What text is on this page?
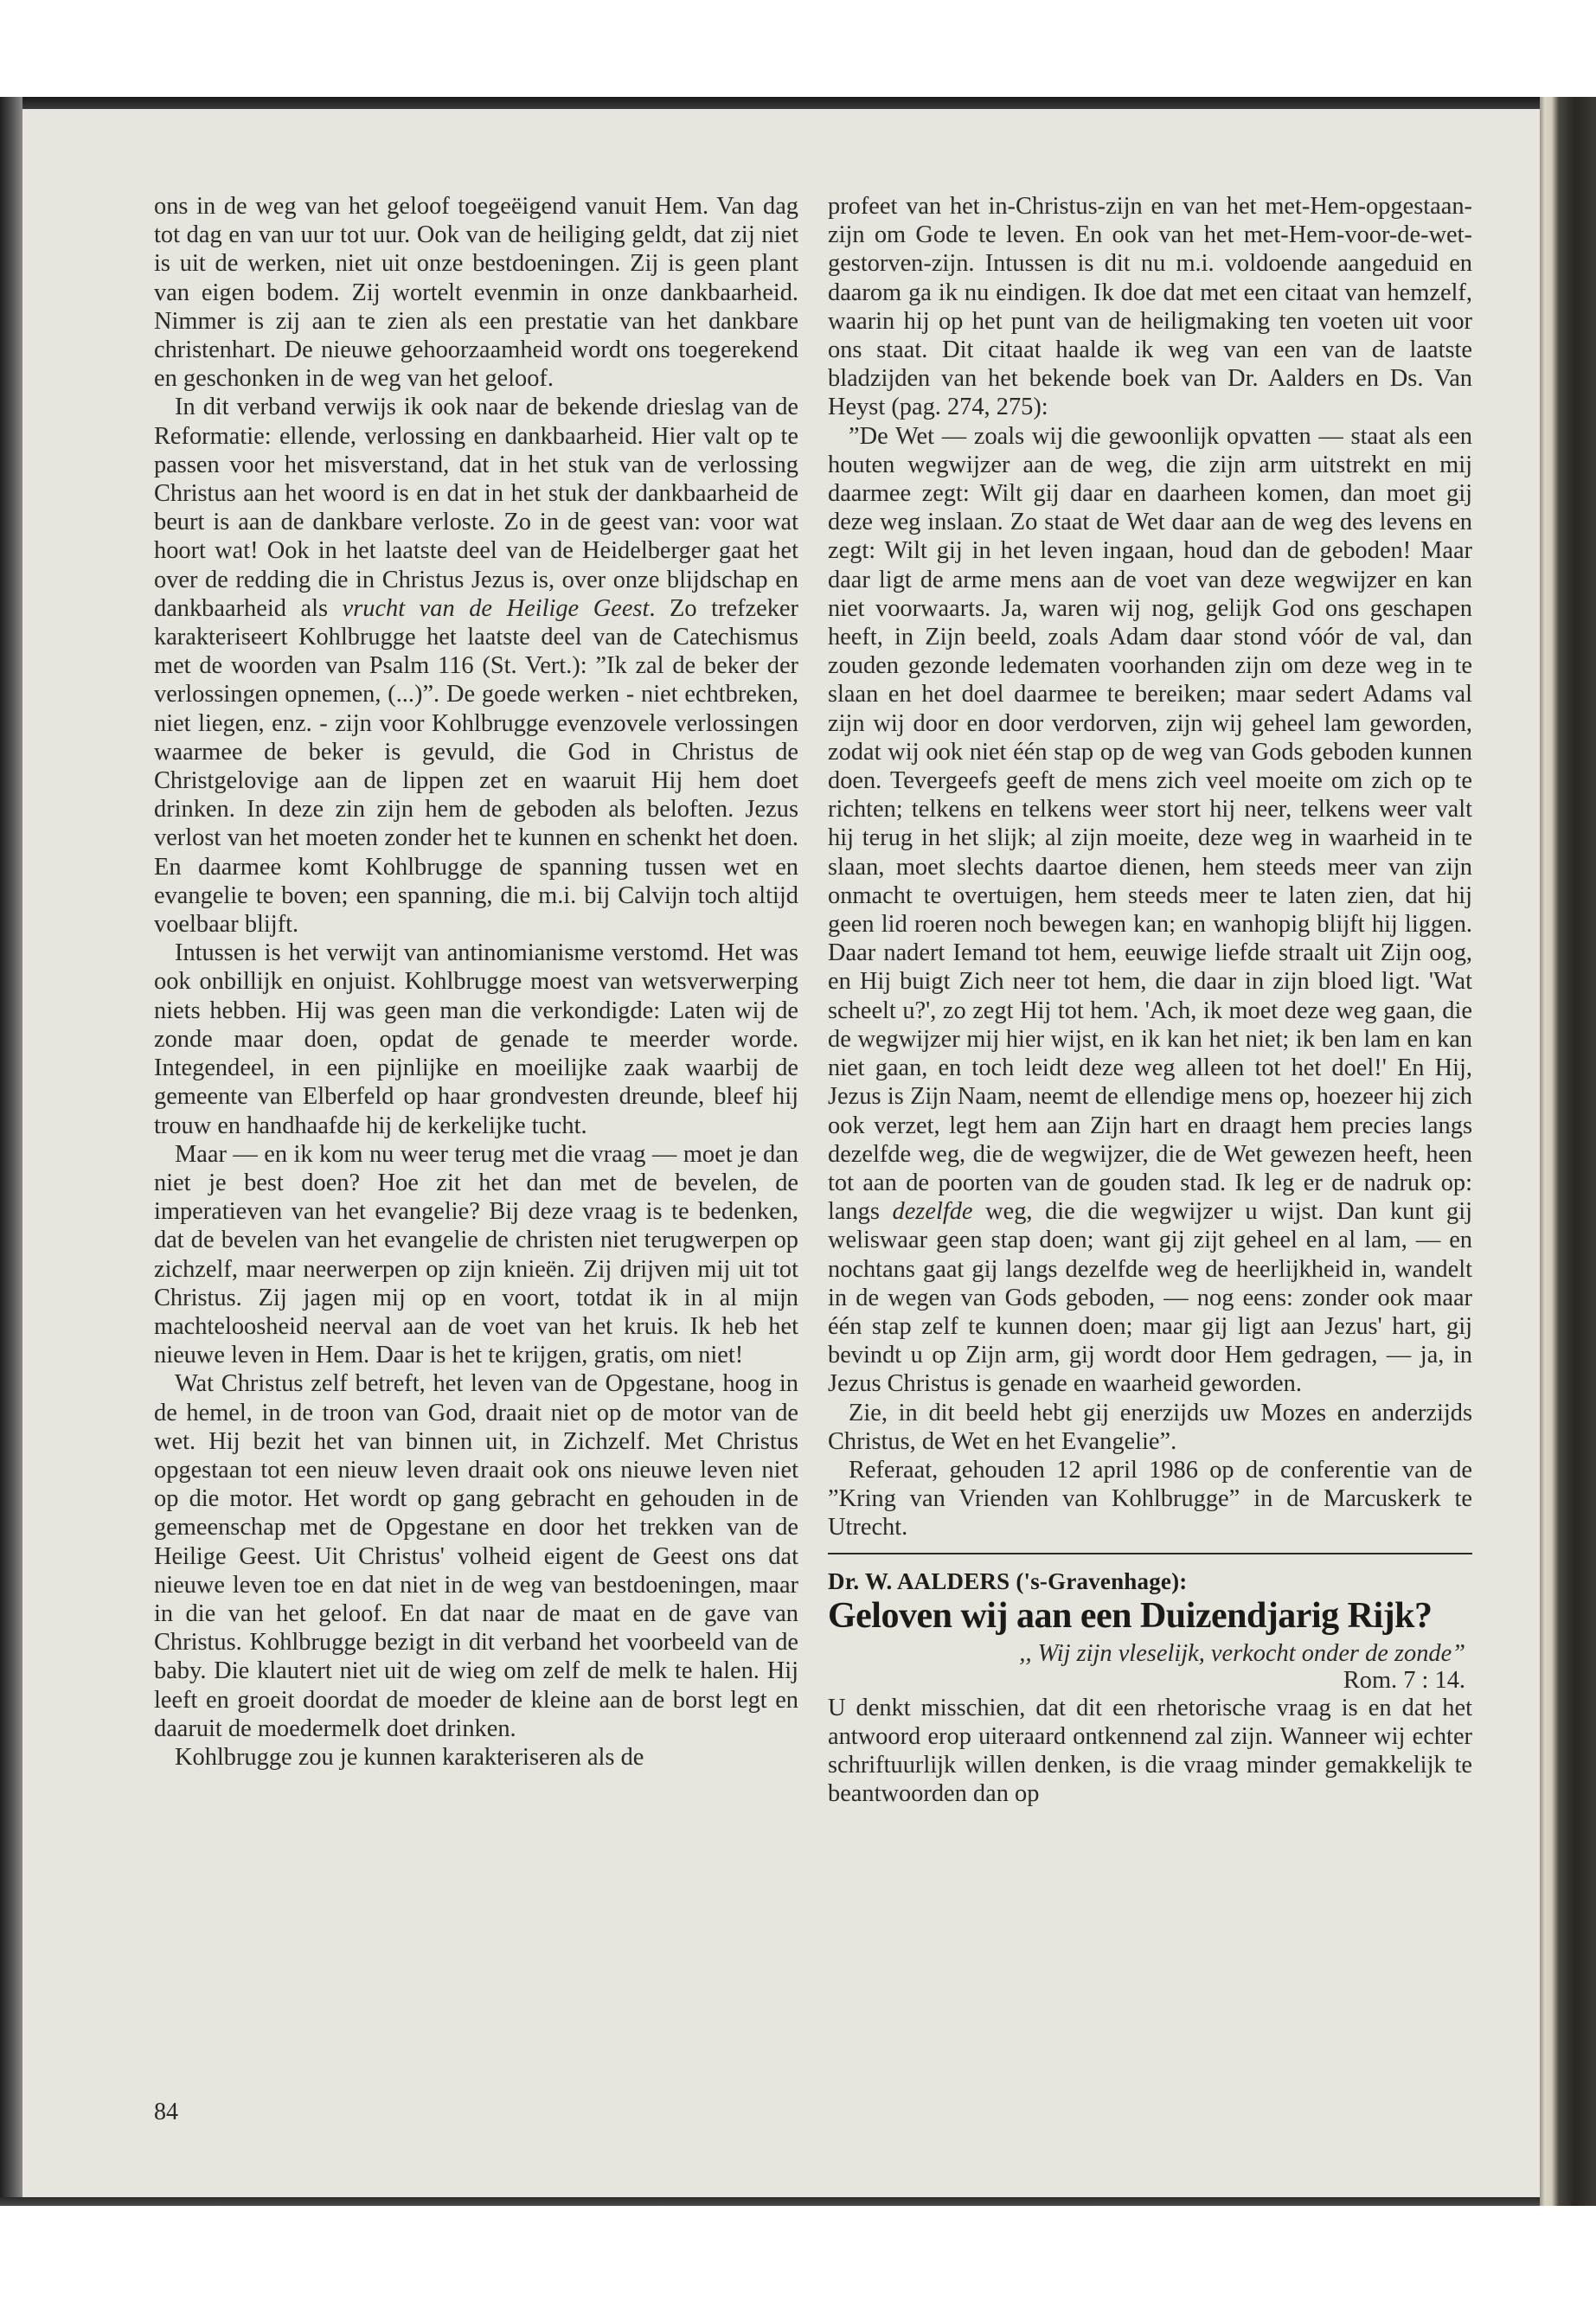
ons in de weg van het geloof toegeëigend vanuit Hem. Van dag tot dag en van uur tot uur. Ook van de heiliging geldt, dat zij niet is uit de werken, niet uit onze bestdoeningen. Zij is geen plant van eigen bodem. Zij wortelt evenmin in onze dankbaarheid. Nimmer is zij aan te zien als een prestatie van het dankbare christenhart. De nieuwe gehoorzaamheid wordt ons toegerekend en geschonken in de weg van het geloof.

In dit verband verwijs ik ook naar de bekende drieslag van de Reformatie: ellende, verlossing en dankbaarheid. Hier valt op te passen voor het misverstand, dat in het stuk van de verlossing Christus aan het woord is en dat in het stuk der dankbaarheid de beurt is aan de dankbare verloste. Zo in de geest van: voor wat hoort wat! Ook in het laatste deel van de Heidelberger gaat het over de redding die in Christus Jezus is, over onze blijdschap en dankbaarheid als vrucht van de Heilige Geest. Zo trefzeker karakteriseert Kohlbrugge het laatste deel van de Catechismus met de woorden van Psalm 116 (St. Vert.): ”Ik zal de beker der verlossingen opnemen, (...)”. De goede werken - niet echtbreken, niet liegen, enz. - zijn voor Kohlbrugge evenzovele verlossingen waarmee de beker is gevuld, die God in Christus de Christgelovige aan de lippen zet en waaruit Hij hem doet drinken. In deze zin zijn hem de geboden als beloften. Jezus verlost van het moeten zonder het te kunnen en schenkt het doen. En daarmee komt Kohlbrugge de spanning tussen wet en evangelie te boven; een spanning, die m.i. bij Calvijn toch altijd voelbaar blijft.

Intussen is het verwijt van antinomianisme verstomd. Het was ook onbillijk en onjuist. Kohlbrugge moest van wetsverwerping niets hebben. Hij was geen man die verkondigde: Laten wij de zonde maar doen, opdat de genade te meerder worde. Integendeel, in een pijnlijke en moeilijke zaak waarbij de gemeente van Elberfeld op haar grondvesten dreunde, bleef hij trouw en handhaafde hij de kerkelijke tucht.

Maar — en ik kom nu weer terug met die vraag — moet je dan niet je best doen? Hoe zit het dan met de bevelen, de imperatieven van het evangelie? Bij deze vraag is te bedenken, dat de bevelen van het evangelie de christen niet terugwerpen op zichzelf, maar neerwerpen op zijn knieën. Zij drijven mij uit tot Christus. Zij jagen mij op en voort, totdat ik in al mijn machteloosheid neerval aan de voet van het kruis. Ik heb het nieuwe leven in Hem. Daar is het te krijgen, gratis, om niet!

Wat Christus zelf betreft, het leven van de Opgestane, hoog in de hemel, in de troon van God, draait niet op de motor van de wet. Hij bezit het van binnen uit, in Zichzelf. Met Christus opgestaan tot een nieuw leven draait ook ons nieuwe leven niet op die motor. Het wordt op gang gebracht en gehouden in de gemeenschap met de Opgestane en door het trekken van de Heilige Geest. Uit Christus' volheid eigent de Geest ons dat nieuwe leven toe en dat niet in de weg van bestdoeningen, maar in die van het geloof. En dat naar de maat en de gave van Christus. Kohlbrugge bezigt in dit verband het voorbeeld van de baby. Die klautert niet uit de wieg om zelf de melk te halen. Hij leeft en groeit doordat de moeder de kleine aan de borst legt en daaruit de moedermelk doet drinken.

Kohlbrugge zou je kunnen karakteriseren als de

profeet van het in-Christus-zijn en van het met-Hem-opgestaan-zijn om Gode te leven. En ook van het met-Hem-voor-de-wet-gestorven-zijn. Intussen is dit nu m.i. voldoende aangeduid en daarom ga ik nu eindigen. Ik doe dat met een citaat van hemzelf, waarin hij op het punt van de heiligmaking ten voeten uit voor ons staat. Dit citaat haalde ik weg van een van de laatste bladzijden van het bekende boek van Dr. Aalders en Ds. Van Heyst (pag. 274, 275):

”De Wet — zoals wij die gewoonlijk opvatten — staat als een houten wegwijzer aan de weg, die zijn arm uitstrekt en mij daarmee zegt: Wilt gij daar en daarheen komen, dan moet gij deze weg inslaan. Zo staat de Wet daar aan de weg des levens en zegt: Wilt gij in het leven ingaan, houd dan de geboden! Maar daar ligt de arme mens aan de voet van deze wegwijzer en kan niet voorwaarts. Ja, waren wij nog, gelijk God ons geschapen heeft, in Zijn beeld, zoals Adam daar stond vóór de val, dan zouden gezonde ledematen voorhanden zijn om deze weg in te slaan en het doel daarmee te bereiken; maar sedert Adams val zijn wij door en door verdorven, zijn wij geheel lam geworden, zodat wij ook niet één stap op de weg van Gods geboden kunnen doen. Tevergeefs geeft de mens zich veel moeite om zich op te richten; telkens en telkens weer stort hij neer, telkens weer valt hij terug in het slijk; al zijn moeite, deze weg in waarheid in te slaan, moet slechts daartoe dienen, hem steeds meer van zijn onmacht te overtuigen, hem steeds meer te laten zien, dat hij geen lid roeren noch bewegen kan; en wanhopig blijft hij liggen. Daar nadert Iemand tot hem, eeuwige liefde straalt uit Zijn oog, en Hij buigt Zich neer tot hem, die daar in zijn bloed ligt. 'Wat scheelt u?', zo zegt Hij tot hem. 'Ach, ik moet deze weg gaan, die de wegwijzer mij hier wijst, en ik kan het niet; ik ben lam en kan niet gaan, en toch leidt deze weg alleen tot het doel!' En Hij, Jezus is Zijn Naam, neemt de ellendige mens op, hoezeer hij zich ook verzet, legt hem aan Zijn hart en draagt hem precies langs dezelfde weg, die de wegwijzer, die de Wet gewezen heeft, heen tot aan de poorten van de gouden stad. Ik leg er de nadruk op: langs dezelfde weg, die die wegwijzer u wijst. Dan kunt gij weliswaar geen stap doen; want gij zijt geheel en al lam, — en nochtans gaat gij langs dezelfde weg de heerlijkheid in, wandelt in de wegen van Gods geboden, — nog eens: zonder ook maar één stap zelf te kunnen doen; maar gij ligt aan Jezus' hart, gij bevindt u op Zijn arm, gij wordt door Hem gedragen, — ja, in Jezus Christus is genade en waarheid geworden.

Zie, in dit beeld hebt gij enerzijds uw Mozes en anderzijds Christus, de Wet en het Evangelie”.

Referaat, gehouden 12 april 1986 op de conferentie van de ”Kring van Vrienden van Kohlbrugge” in de Marcuskerk te Utrecht.

Dr. W. AALDERS ('s-Gravenhage):
Geloven wij aan een Duizendjarig Rijk?
,, Wij zijn vleselijk, verkocht onder de zonde”
Rom. 7 : 14.

U denkt misschien, dat dit een rhetorische vraag is en dat het antwoord erop uiteraard ontkennend zal zijn. Wanneer wij echter schriftuurlijk willen denken, is die vraag minder gemakkelijk te beantwoorden dan op

84
